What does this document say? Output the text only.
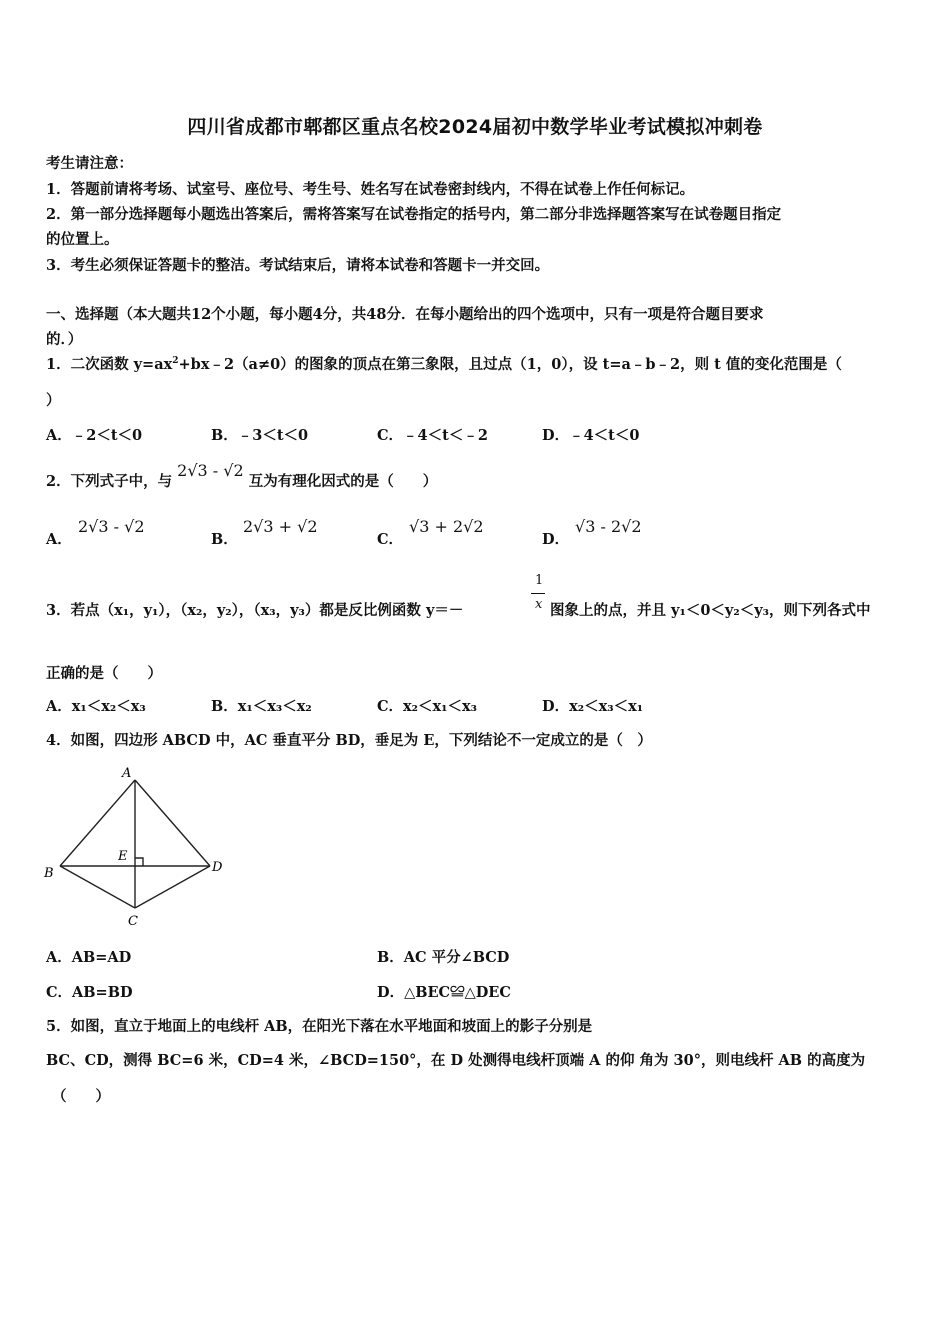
四川省成都市郫都区重点名校2024届初中数学毕业考试模拟冲刺卷
考生请注意：
1．答题前请将考场、试室号、座位号、考生号、姓名写在试卷密封线内，不得在试卷上作任何标记。
2．第一部分选择题每小题选出答案后，需将答案写在试卷指定的括号内，第二部分非选择题答案写在试卷题目指定
的位置上。
3．考生必须保证答题卡的整洁。考试结束后，请将本试卷和答题卡一并交回。
一、选择题（本大题共12个小题，每小题4分，共48分．在每小题给出的四个选项中，只有一项是符合题目要求
的．）
1．二次函数 $y=ax^2+bx﹣2(a\ne 0)$的图象的顶点在第三象限，且过点（1，0），设 t=a﹣b﹣2，则 t 值的变化范围是（
）
A．﹣2＜t＜0	B．﹣3＜t＜0	C．﹣4＜t＜﹣2	D．﹣4＜t＜0
2．下列式子中，与 2√3 - √2 互为有理化因式的是（　　）
A．
2√3 - √2
B．
2√3 + √2
C．
√3 + 2√2
D．
√3 - 2√2
3．若点（x₁，y₁），（x₂，y₂），（x₃，y₃）都是反比例函数 y＝－
1
x 图象上的点，并且 y₁＜0＜y₂＜y₃，则下列各式中
正确的是（　　）
A．x₁＜x₂＜x₃	B．x₁＜x₃＜x₂	C．x₂＜x₁＜x₃	D．x₂＜x₃＜x₁
4．如图，四边形 ABCD 中，AC 垂直平分 BD，垂足为 E，下列结论不一定成立的是（　）
A
B
C
D
E
A．AB=AD	B．AC 平分∠BCD
C．AB=BD	D．△BEC≌△DEC
5．如图，直立于地面上的电线杆 AB，在阳光下落在水平地面和坡面上的影子分别是
BC、CD，测得 BC=6 米，CD=4 米，∠BCD=150°，在 D 处测得电线杆顶端 A 的仰 角为 30°，则电线杆 AB 的高度为
（　　）
